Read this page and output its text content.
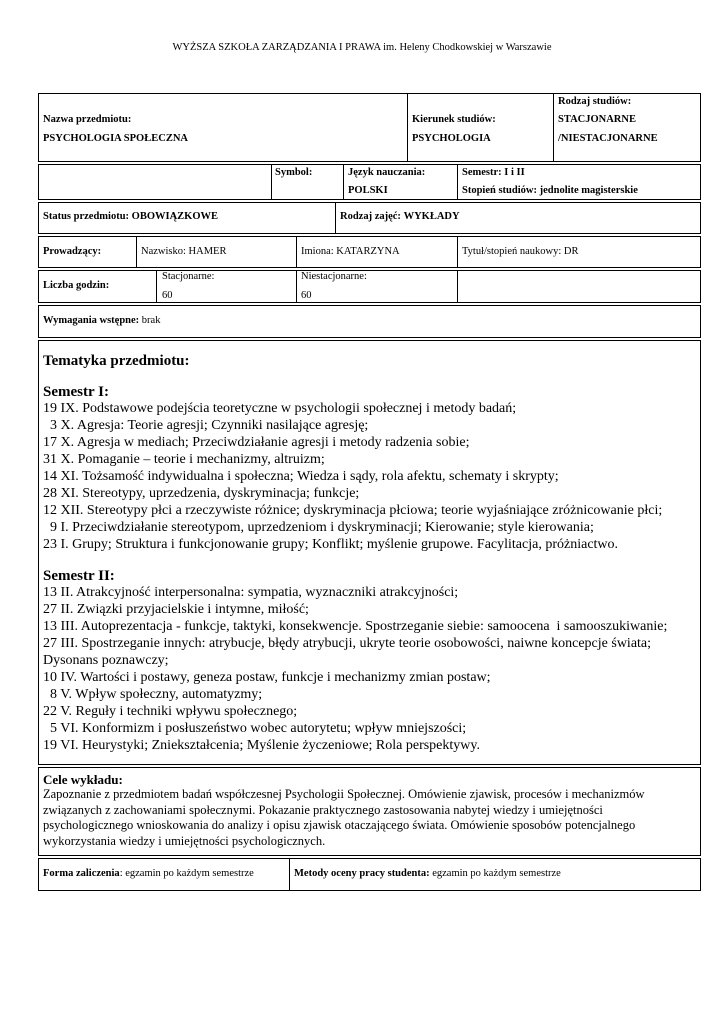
WYŻSZA SZKOŁA ZARZĄDZANIA I PRAWA im. Heleny Chodkowskiej w Warszawie
Nazwa przedmiotu:
PSYCHOLOGIA SPOŁECZNA
Kierunek studiów:
PSYCHOLOGIA
Rodzaj studiów:
STACJONARNE
/NIESTACJONARNE
Symbol:	Język nauczania:
POLSKI
Semestr: I i II
Stopień studiów: jednolite magisterskie
Status przedmiotu: OBOWIĄZKOWE	Rodzaj zajęć: WYKŁADY
Prowadzący:	Nazwisko: HAMER	Imiona: KATARZYNA	Tytuł/stopień naukowy: DR
Liczba godzin:
Stacjonarne:
60
Niestacjonarne:
60
Wymagania wstępne: brak
Tematyka przedmiotu:
Semestr I:
19 IX. Podstawowe podejścia teoretyczne w psychologii społecznej i metody badań;
3 X. Agresja: Teorie agresji; Czynniki nasilające agresję;
17 X. Agresja w mediach; Przeciwdziałanie agresji i metody radzenia sobie;
31 X. Pomaganie – teorie i mechanizmy, altruizm;
14 XI. Tożsamość indywidualna i społeczna; Wiedza i sądy, rola afektu, schematy i skrypty;
28 XI. Stereotypy, uprzedzenia, dyskryminacja; funkcje;
12 XII. Stereotypy płci a rzeczywiste różnice; dyskryminacja płciowa; teorie wyjaśniające zróżnicowanie płci;
9 I. Przeciwdziałanie stereotypom, uprzedzeniom i dyskryminacji; Kierowanie; style kierowania;
23 I. Grupy; Struktura i funkcjonowanie grupy; Konflikt; myślenie grupowe. Facylitacja, próżniactwo.
Semestr II:
13 II. Atrakcyjność interpersonalna: sympatia, wyznaczniki atrakcyjności;
27 II. Związki przyjacielskie i intymne, miłość;
13 III. Autoprezentacja - funkcje, taktyki, konsekwencje. Spostrzeganie siebie: samoocena  i samooszukiwanie;
27 III. Spostrzeganie innych: atrybucje, błędy atrybucji, ukryte teorie osobowości, naiwne koncepcje świata;
Dysonans poznawczy;
10 IV. Wartości i postawy, geneza postaw, funkcje i mechanizmy zmian postaw;
8 V. Wpływ społeczny, automatyzmy;
22 V. Reguły i techniki wpływu społecznego;
5 VI. Konformizm i posłuszeństwo wobec autorytetu; wpływ mniejszości;
19 VI. Heurystyki; Zniekształcenia; Myślenie życzeniowe; Rola perspektywy.
Cele wykładu:
Zapoznanie z przedmiotem badań współczesnej Psychologii Społecznej. Omówienie zjawisk, procesów i mechanizmów
związanych z zachowaniami społecznymi. Pokazanie praktycznego zastosowania nabytej wiedzy i umiejętności
psychologicznego wnioskowania do analizy i opisu zjawisk otaczającego świata. Omówienie sposobów potencjalnego
wykorzystania wiedzy i umiejętności psychologicznych.
Forma zaliczenia: egzamin po każdym semestrze	Metody oceny pracy studenta: egzamin po każdym semestrze
